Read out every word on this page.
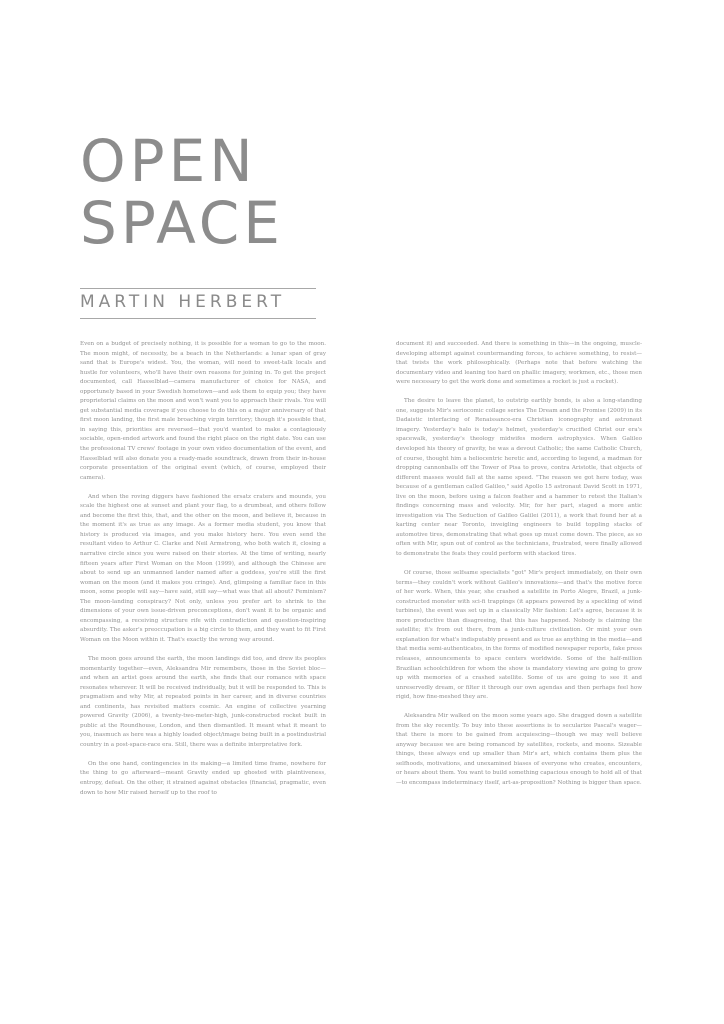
OPEN
SPACE
MARTIN HERBERT

Even on a budget of precisely nothing, it is possible for a woman to go to the moon. The moon might, of necessity, be a beach in the Netherlands: a lunar span of gray sand that is Europe's widest. You, the woman, will need to sweet-talk locals and hustle for volunteers, who'll have their own reasons for joining in. To get the project documented, call Hasselblad—camera manufacturer of choice for NASA, and opportunely based in your Swedish hometown—and ask them to equip you; they have proprietorial claims on the moon and won't want you to approach their rivals. You will get substantial media coverage if you choose to do this on a major anniversary of that first moon landing, the first male broaching virgin territory; though it's possible that, in saying this, priorities are reversed—that you'd wanted to make a contagiously sociable, open-ended artwork and found the right place on the right date. You can use the professional TV crews' footage in your own video documentation of the event, and Hasselblad will also donate you a ready-made soundtrack, drawn from their in-house corporate presentation of the original event (which, of course, employed their camera).

And when the roving diggers have fashioned the ersatz craters and mounds, you scale the highest one at sunset and plant your flag, to a drumbeat, and others follow and become the first this, that, and the other on the moon, and believe it, because in the moment it's as true as any image. As a former media student, you know that history is produced via images, and you make history here. You even send the resultant video to Arthur C. Clarke and Neil Armstrong, who both watch it, closing a narrative circle since you were raised on their stories. At the time of writing, nearly fifteen years after First Woman on the Moon (1999), and although the Chinese are about to send up an unmanned lander named after a goddess, you're still the first woman on the moon (and it makes you cringe). And, glimpsing a familiar face in this moon, some people will say—have said, still say—what was that all about? Feminism? The moon-landing conspiracy? Not only, unless you prefer art to shrink to the dimensions of your own issue-driven preconceptions, don't want it to be organic and encompassing, a receiving structure rife with contradiction and question-inspiring absurdity. The asker's preoccupation is a big circle to them, and they want to fit First Woman on the Moon within it. That's exactly the wrong way around.

The moon goes around the earth, the moon landings did too, and drew its peoples momentarily together—even, Aleksandra Mir remembers, those in the Soviet bloc—and when an artist goes around the earth, she finds that our romance with space resonates wherever. It will be received individually, but it will be responded to. This is pragmatism and why Mir, at repeated points in her career, and in diverse countries and continents, has revisited matters cosmic. An engine of collective yearning powered Gravity (2006), a twenty-two-meter-high, junk-constructed rocket built in public at the Roundhouse, London, and then dismantled. It meant what it meant to you, inasmuch as here was a highly loaded object/image being built in a postindustrial country in a post-space-race era. Still, there was a definite interpretative fork.

On the one hand, contingencies in its making—a limited time frame, nowhere for the thing to go afterward—meant Gravity ended up ghosted with plaintiveness, entropy, defeat. On the other, it strained against obstacles (financial, pragmatic, even down to how Mir raised herself up to the roof to

document it) and succeeded. And there is something in this—in the ongoing, muscle-developing attempt against countermanding forces, to achieve something, to resist—that twists the work philosophically. (Perhaps note that before watching the documentary video and leaning too hard on phallic imagery, workmen, etc., those men were necessary to get the work done and sometimes a rocket is just a rocket).

The desire to leave the planet, to outstrip earthly bonds, is also a long-standing one, suggests Mir's seriocomic collage series The Dream and the Promise (2009) in its Dadaistic interfacing of Renaissance-era Christian iconography and astronaut imagery. Yesterday's halo is today's helmet, yesterday's crucified Christ our era's spacewalk, yesterday's theology midwifes modern astrophysics. When Galileo developed his theory of gravity, he was a devout Catholic; the same Catholic Church, of course, thought him a heliocentric heretic and, according to legend, a madman for dropping cannonballs off the Tower of Pisa to prove, contra Aristotle, that objects of different masses would fall at the same speed. "The reason we got here today, was because of a gentleman called Galileo," said Apollo 15 astronaut David Scott in 1971, live on the moon, before using a falcon feather and a hammer to retest the Italian's findings concerning mass and velocity. Mir, for her part, staged a more antic investigation via The Seduction of Galileo Galilei (2011), a work that found her at a karting center near Toronto, inveigling engineers to build toppling stacks of automotive tires, demonstrating that what goes up must come down. The piece, as so often with Mir, spun out of control as the technicians, frustrated, were finally allowed to demonstrate the feats they could perform with stacked tires.

Of course, those selfsame specialists "got" Mir's project immediately, on their own terms—they couldn't work without Galileo's innovations—and that's the motive force of her work. When, this year, she crashed a satellite in Porto Alegre, Brazil, a junk-constructed monster with sci-fi trappings (it appears powered by a speckling of wind turbines), the event was set up in a classically Mir fashion: Let's agree, because it is more productive than disagreeing, that this has happened. Nobody is claiming the satellite; it's from out there, from a junk-culture civilization. Or mint your own explanation for what's indisputably present and as true as anything in the media—and that media semi-authenticates, in the forms of modified newspaper reports, fake press releases, announcements to space centers worldwide. Some of the half-million Brazilian schoolchildren for whom the show is mandatory viewing are going to grow up with memories of a crashed satellite. Some of us are going to see it and unreservedly dream, or filter it through our own agendas and then perhaps feel how rigid, how fine-meshed they are.

Aleksandra Mir walked on the moon some years ago. She dragged down a satellite from the sky recently. To buy into these assertions is to secularize Pascal's wager—that there is more to be gained from acquiescing—though we may well believe anyway because we are being romanced by satellites, rockets, and moons. Sizeable things, these always end up smaller than Mir's art, which contains them plus the selfhoods, motivations, and unexamined biases of everyone who creates, encounters, or hears about them. You want to build something capacious enough to hold all of that—to encompass indeterminacy itself, art-as-proposition? Nothing is bigger than space.
